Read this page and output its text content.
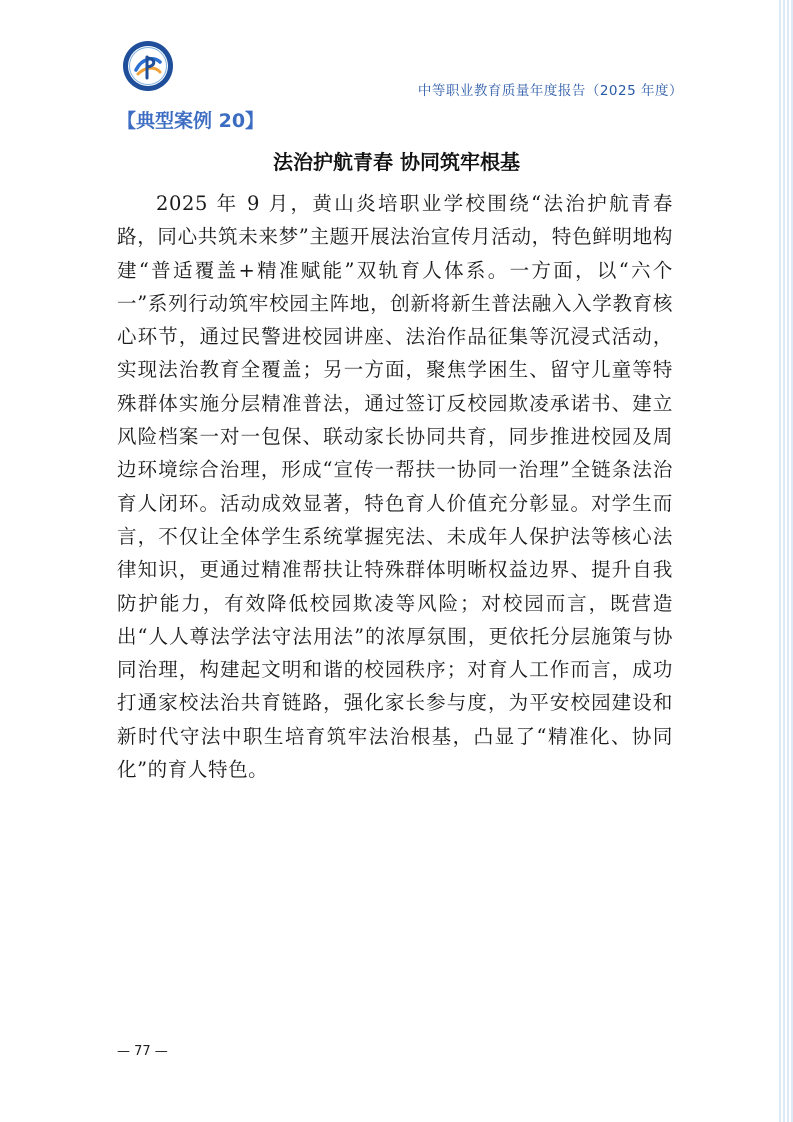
中等职业教育质量年度报告（2025 年度）
【典型案例 20】
法治护航青春 协同筑牢根基

2025 年 9 月，黄山炎培职业学校围绕“法治护航青春路，同心共筑未来梦”主题开展法治宣传月活动，特色鲜明地构建“普适覆盖+精准赋能”双轨育人体系。一方面，以“六个一”系列行动筑牢校园主阵地，创新将新生普法融入入学教育核心环节，通过民警进校园讲座、法治作品征集等沉浸式活动，实现法治教育全覆盖；另一方面，聚焦学困生、留守儿童等特殊群体实施分层精准普法，通过签订反校园欺凌承诺书、建立风险档案一对一包保、联动家长协同共育，同步推进校园及周边环境综合治理，形成“宣传一帮扶一协同一治理”全链条法治育人闭环。活动成效显著，特色育人价值充分彰显。对学生而言，不仅让全体学生系统掌握宪法、未成年人保护法等核心法律知识，更通过精准帮扶让特殊群体明晰权益边界、提升自我防护能力，有效降低校园欺凌等风险；对校园而言，既营造出“人人尊法学法守法用法”的浓厚氛围，更依托分层施策与协同治理，构建起文明和谐的校园秩序；对育人工作而言，成功打通家校法治共育链路，强化家长参与度，为平安校园建设和新时代守法中职生培育筑牢法治根基，凸显了“精准化、协同化”的育人特色。

— 77 —
